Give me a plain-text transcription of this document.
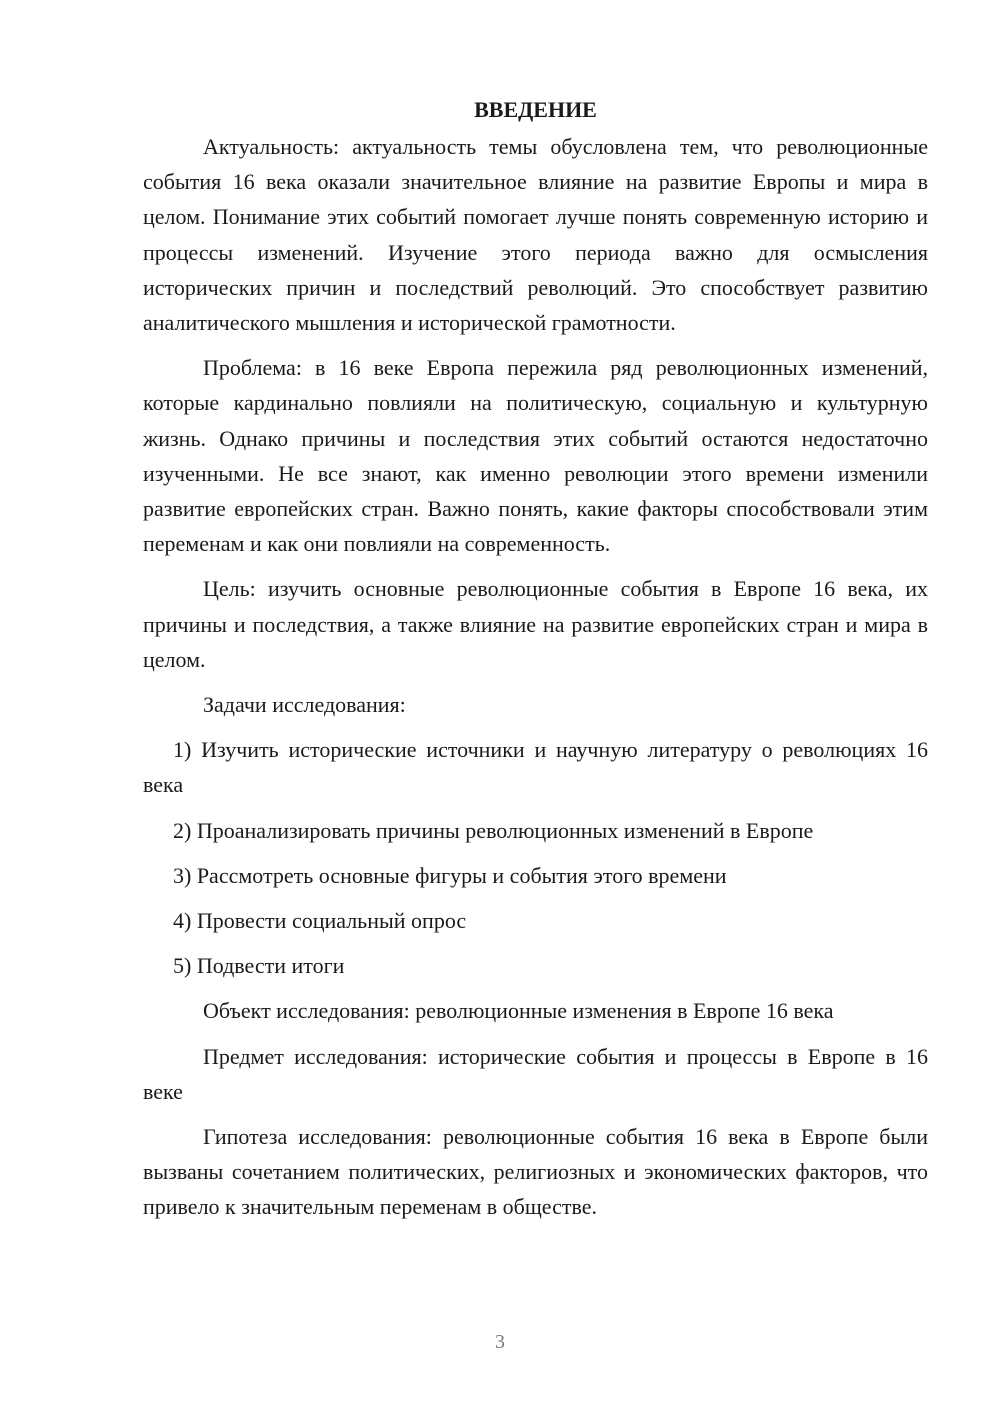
ВВЕДЕНИЕ

Актуальность: актуальность темы обусловлена тем, что революционные события 16 века оказали значительное влияние на развитие Европы и мира в целом. Понимание этих событий помогает лучше понять современную историю и процессы изменений. Изучение этого периода важно для осмысления исторических причин и последствий революций. Это способствует развитию аналитического мышления и исторической грамотности.

Проблема: в 16 веке Европа пережила ряд революционных изменений, которые кардинально повлияли на политическую, социальную и культурную жизнь. Однако причины и последствия этих событий остаются недостаточно изученными. Не все знают, как именно революции этого времени изменили развитие европейских стран. Важно понять, какие факторы способствовали этим переменам и как они повлияли на современность.

Цель: изучить основные революционные события в Европе 16 века, их причины и последствия, а также влияние на развитие европейских стран и мира в целом.

Задачи исследования:

1) Изучить исторические источники и научную литературу о революциях 16 века

2) Проанализировать причины революционных изменений в Европе

3) Рассмотреть основные фигуры и события этого времени

4) Провести социальный опрос

5) Подвести итоги

Объект исследования: революционные изменения в Европе 16 века

Предмет исследования: исторические события и процессы в Европе в 16 веке

Гипотеза исследования: революционные события 16 века в Европе были вызваны сочетанием политических, религиозных и экономических факторов, что привело к значительным переменам в обществе.

3
